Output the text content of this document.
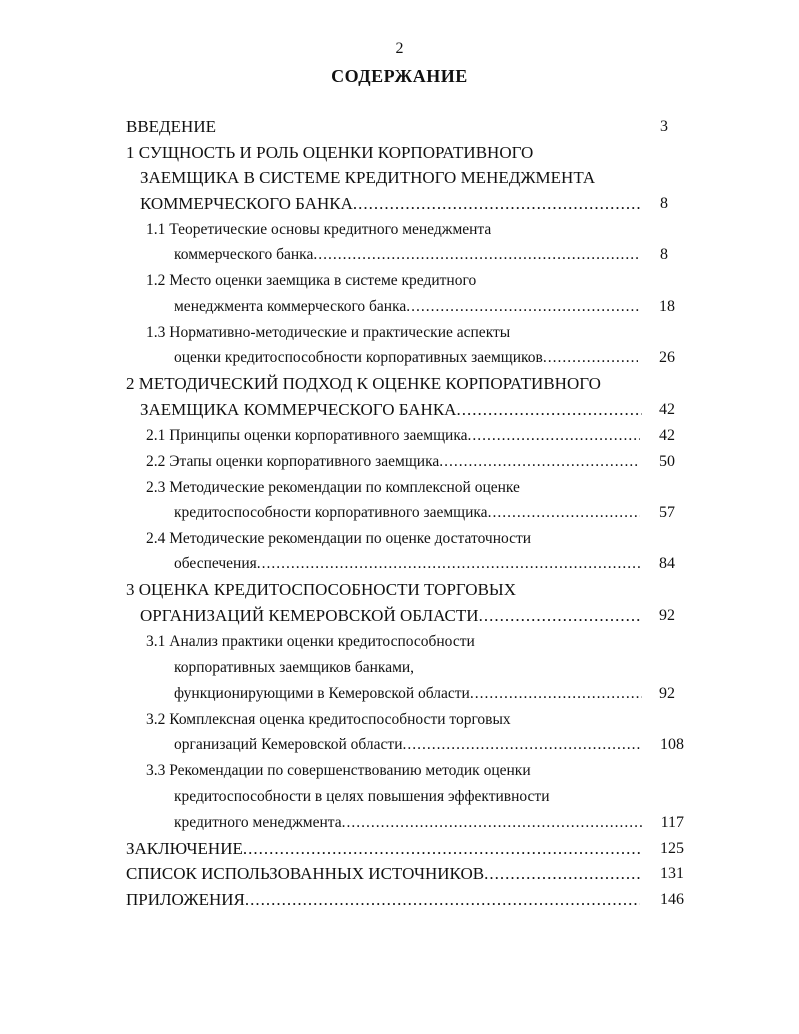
2
СОДЕРЖАНИЕ
ВВЕДЕНИЕ	3
1 СУЩНОСТЬ И РОЛЬ ОЦЕНКИ КОРПОРАТИВНОГО
ЗАЕМЩИКА В СИСТЕМЕ КРЕДИТНОГО МЕНЕДЖМЕНТА
КОММЕРЧЕСКОГО БАНКА .....	8
1.1 Теоретические основы кредитного менеджмента
коммерческого банка .....	8
1.2 Место оценки заемщика в системе кредитного
менеджмента коммерческого банка .....	18
1.3 Нормативно-методические и практические аспекты
оценки кредитоспособности корпоративных заемщиков .....	26
2 МЕТОДИЧЕСКИЙ ПОДХОД К ОЦЕНКЕ КОРПОРАТИВНОГО
ЗАЕМЩИКА КОММЕРЧЕСКОГО БАНКА .....	42
2.1 Принципы оценки корпоративного заемщика .....	42
2.2 Этапы оценки корпоративного заемщика .....	50
2.3 Методические рекомендации по комплексной оценке
кредитоспособности корпоративного заемщика .....	57
2.4 Методические рекомендации по оценке достаточности
обеспечения .....	84
3 ОЦЕНКА КРЕДИТОСПОСОБНОСТИ ТОРГОВЫХ
ОРГАНИЗАЦИЙ КЕМЕРОВСКОЙ ОБЛАСТИ .....	92
3.1 Анализ практики оценки кредитоспособности
корпоративных заемщиков банками,
функционирующими в Кемеровской области .....	92
3.2 Комплексная оценка кредитоспособности торговых
организаций Кемеровской области .....	108
3.3 Рекомендации по совершенствованию методик оценки
кредитоспособности в целях повышения эффективности
кредитного менеджмента .....	117
ЗАКЛЮЧЕНИЕ .....	125
СПИСОК ИСПОЛЬЗОВАННЫХ ИСТОЧНИКОВ .....	131
ПРИЛОЖЕНИЯ .....	146
